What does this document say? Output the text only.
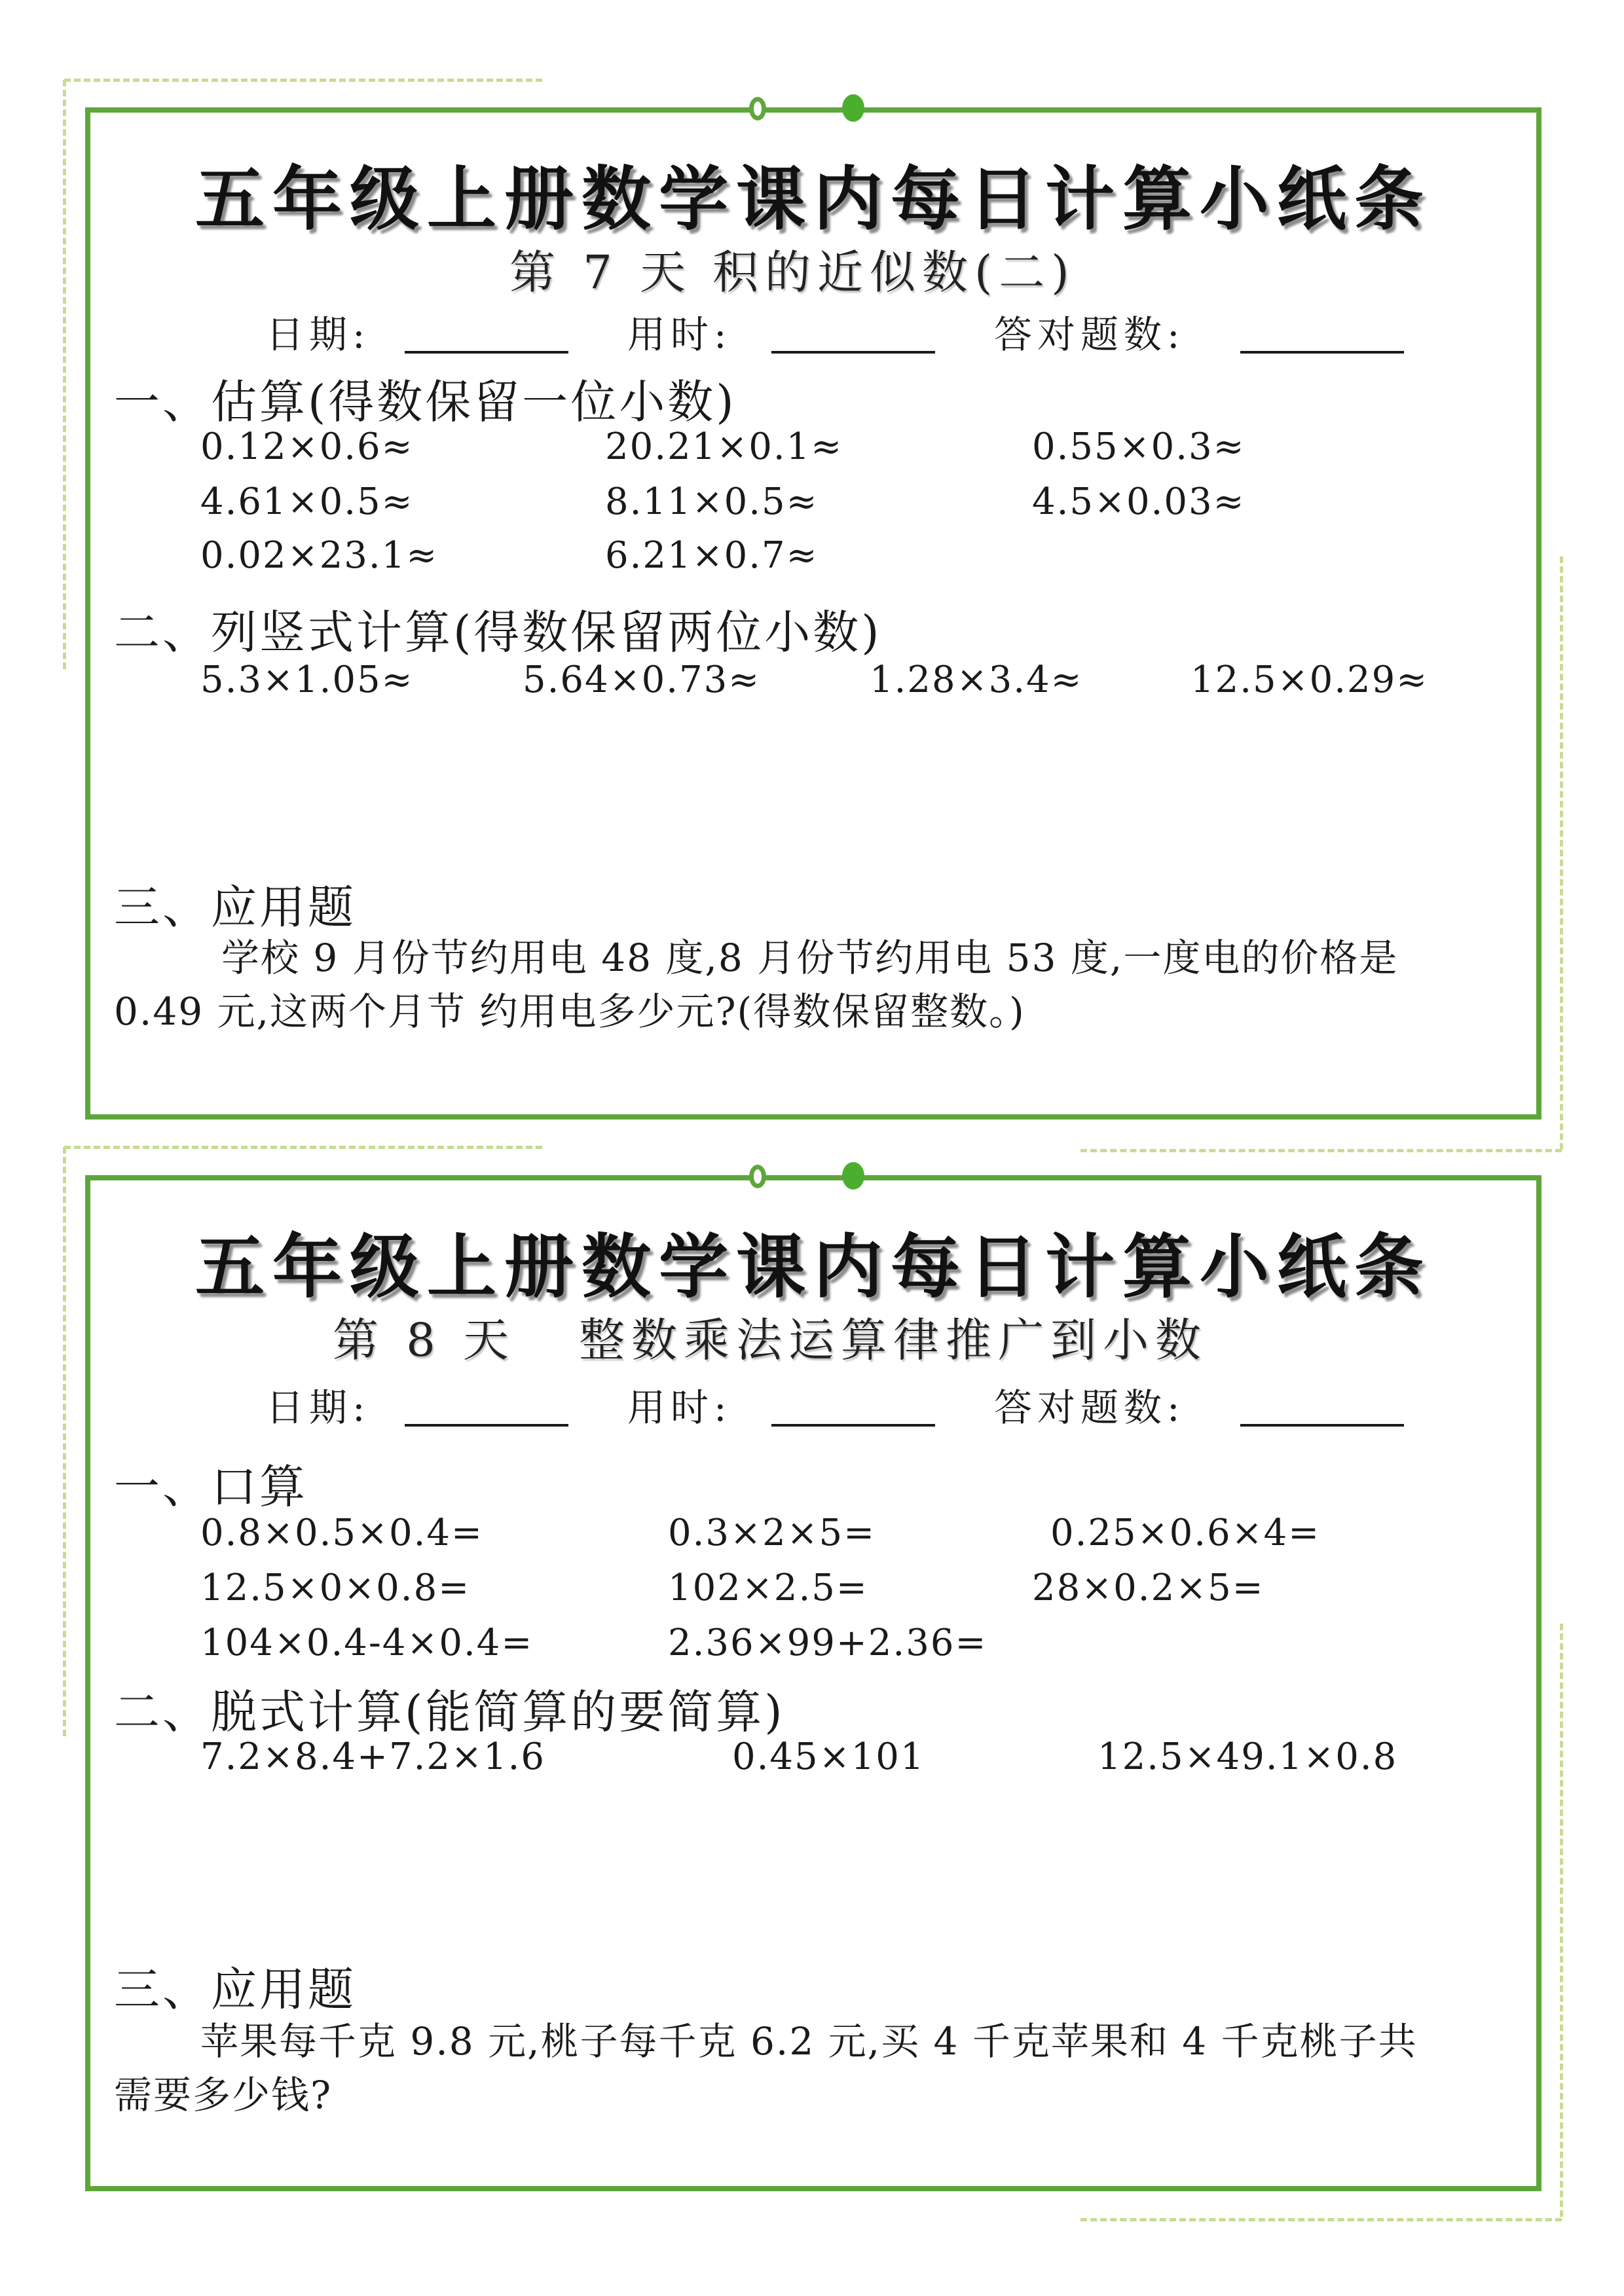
五年级上册数学课内每日计算小纸条
第 7 天 积的近似数(二)
日期:	用时:	答对题数:
一、估算(得数保留一位小数)
0.12×0.6≈	20.21×0.1≈	0.55×0.3≈
4.61×0.5≈	8.11×0.5≈	4.5×0.03≈
0.02×23.1≈	6.21×0.7≈
二、列竖式计算(得数保留两位小数)
5.3×1.05≈	5.64×0.73≈	1.28×3.4≈	12.5×0.29≈
三、应用题
学校 9 月份节约用电 48 度,8 月份节约用电 53 度,一度电的价格是
0.49 元,这两个月节 约用电多少元?(得数保留整数。)
五年级上册数学课内每日计算小纸条
第 8 天 整数乘法运算律推广到小数
日期:	用时:	答对题数:
一、口算
0.8×0.5×0.4=	0.3×2×5=	0.25×0.6×4=
12.5×0×0.8=	102×2.5=	28×0.2×5=
104×0.4-4×0.4=	2.36×99+2.36=
二、脱式计算(能简算的要简算)
7.2×8.4+7.2×1.6	0.45×101	12.5×49.1×0.8
三、应用题
苹果每千克 9.8 元,桃子每千克 6.2 元,买 4 千克苹果和 4 千克桃子共
需要多少钱?
